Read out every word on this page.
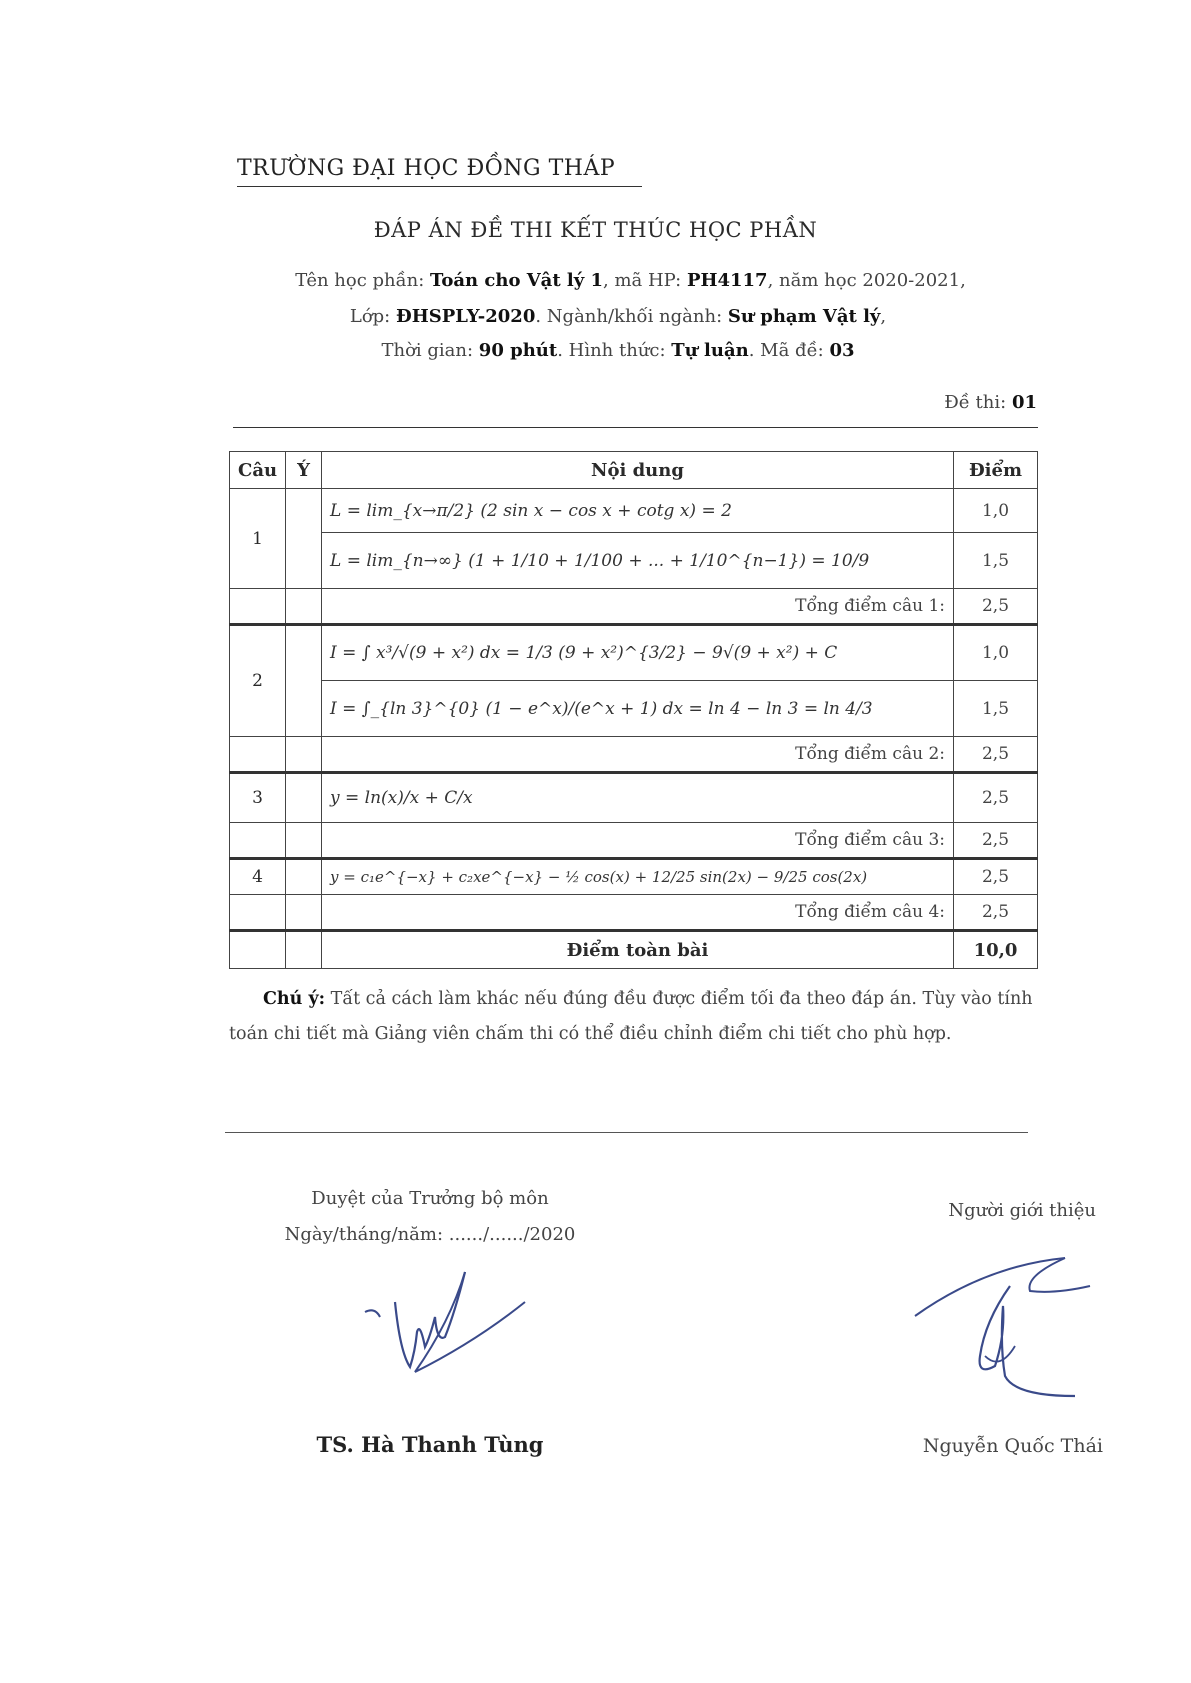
TRƯỜNG ĐẠI HỌC ĐỒNG THÁP
ĐÁP ÁN ĐỀ THI KẾT THÚC HỌC PHẦN
Tên học phần: Toán cho Vật lý 1, mã HP: PH4117, năm học 2020-2021,
Lớp: ĐHSPLY-2020. Ngành/khối ngành: Sư phạm Vật lý,
Thời gian: 90 phút. Hình thức: Tự luận. Mã đề: 03
Đề thi: 01
Câu	Ý	Nội dung	Điểm
1		L = lim_{x→π/2} (2 sin x − cos x + cotg x) = 2	1,0
		L = lim_{n→∞} (1 + 1/10 + 1/100 + ... + 1/10^{n−1}) = 10/9	1,5
		Tổng điểm câu 1:	2,5
2		I = ∫ x³/√(9 + x²) dx = 1/3 (9 + x²)^{3/2} − 9√(9 + x²) + C	1,0
		I = ∫_{ln 3}^{0} (1 − e^x)/(e^x + 1) dx = ln 4 − ln 3 = ln 4/3	1,5
		Tổng điểm câu 2:	2,5
3		y = ln(x)/x + C/x	2,5
		Tổng điểm câu 3:	2,5
4		y = c₁e^{−x} + c₂xe^{−x} − ½ cos(x) + 12/25 sin(2x) − 9/25 cos(2x)	2,5
		Tổng điểm câu 4:	2,5
		Điểm toàn bài	10,0
Chú ý: Tất cả cách làm khác nếu đúng đều được điểm tối đa theo đáp án. Tùy vào tính toán chi tiết mà Giảng viên chấm thi có thể điều chỉnh điểm chi tiết cho phù hợp.
Duyệt của Trưởng bộ môn
Ngày/tháng/năm: ....../....../2020
Người giới thiệu
TS. Hà Thanh Tùng	Nguyễn Quốc Thái
